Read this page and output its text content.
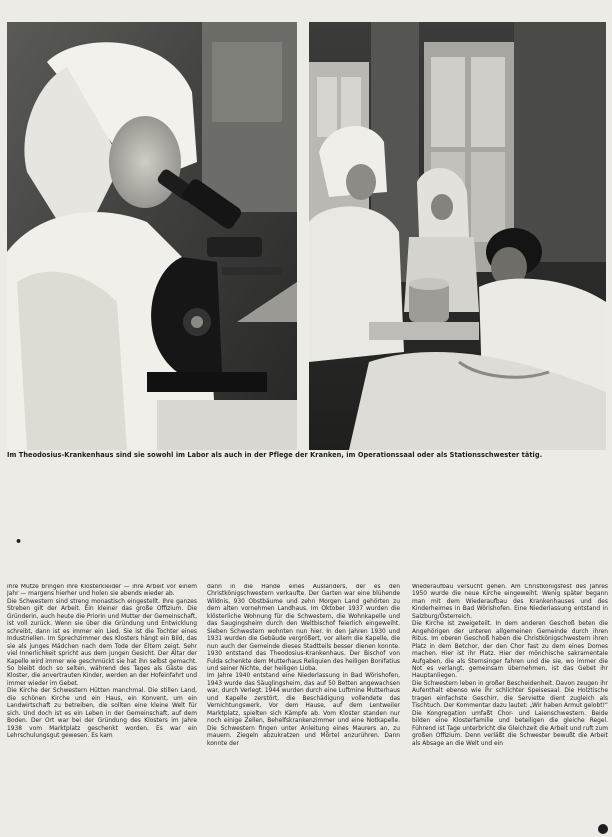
Im Theodosius-Krankenhaus sind sie sowohl im Labor als auch in der Pflege der Kranken, im Operationssaal oder als Stationsschwester tätig.
•

ihre Mütze bringen ihre Klosterkleider — ihre Arbeit vor einem Jahr — margens hierher und holen sie abends wieder ab.

Die Schwestern sind streng monastisch eingestellt. Ihre ganzes Streben gilt der Arbeit. Ein kleiner das große Offizium. Die Gründerin, auch heute die Priorin und Mutter der Gemeinschaft, ist voll zurück. Wenn sie über die Gründung und Entwicklung schreibt, dann ist es immer ein Lied. Sie ist die Tochter eines Industriellen. Im Sprechzimmer des Klosters hängt ein Bild, das sie als junges Mädchen nach dem Tode der Eltern zeigt. Sehr viel Innerlichkeit spricht aus dem jungen Gesicht. Der Altar der Kapelle wird immer wie geschmückt sie hat ihn selbst gemacht. So bleibt doch so selten, während des Tages als Gäste das Kloster, die anvertrauten Kinder, werden an der Hofeinfahrt und immer wieder im Gebet.

Die Kirche der Schwestern Hütten manchmal. Die stillen Land, die schönen Kirche und ein Haus, ein Konvent, um ein Landwirtschaft zu betreiben, die sollten eine kleine Welt für sich. Und doch ist es ein Leben in der Gemeinschaft, auf dem Boden. Der Ort war bei der Gründung des Klosters im Jahre 1938 vom Marktplatz geschenkt worden. Es war ein Lehrschulungsgut gewesen. Es kam

dann in die Hände eines Ausländers, der es den Christkönigschwestern verkaufte. Der Garten war eine blühende Wildnis, 930 Obstbäume und zehn Morgen Land gehörten zu dem alten vornehmen Landhaus. Im Oktober 1937 wurden die klösterliche Wohnung für die Schwestern, die Wohnkapelle und das Saugingsheim durch den Weltbischof feierlich eingeweiht. Sieben Schwestern wohnten nun hier. In den Jahren 1930 und 1931 wurden die Gebäude vergrößert, vor allem die Kapelle, die nun auch der Gemeinde dieses Stadtteils besser dienen konnte. 1930 entstand das Theodosius-Krankenhaus. Der Bischof von Fulda schenkte dem Mutterhaus Reliquien des heiligen Bonifatius und seiner Nichte, der heiligen Lioba.

Im Jahre 1940 entstand eine Niederlassung in Bad Wörishofen, 1943 wurde das Säuglingsheim, das auf 50 Betten angewachsen war, durch Verlegt. 1944 wurden durch eine Luftmine Mutterhaus und Kapelle zerstört, die Beschädigung vollendete das Vernichtungswerk. Vor dem Hause, auf dem Lentweiler Marktplatz, spielten sich Kämpfe ab. Vom Kloster standen nur noch einige Zellen, Behelfskrankenzimmer und eine Notkapelle. Die Schwestern fingen unter Anleitung eines Maurers an, zu mauern. Ziegeln abzukratzen und Mörtel anzurühren. Dann konnte der

Wiederaufbau versucht gehen. Am Christkönigsfest des Jahres 1950 wurde die neue Kirche eingeweiht. Wenig später begann man mit dem Wiederaufbau des Krankenhauses und des Kinderheimes in Bad Wörishofen. Eine Niederlassung entstand in Salzburg/Österreich.

Die Kirche ist zweigeteilt. In dem anderen Geschoß beten die Angehörigen der unteren allgemeinen Gemeinde durch ihren Ritus. Im oberen Geschoß haben die Christkönigschwestern ihren Platz in dem Betchor, der den Chor fast zu dem eines Domes machen. Hier ist ihr Platz. Hier der mönchische sakramentale Aufgaben, die als Sternsinger fahren und die sie, wo immer die Not es verlangt, gemeinsam übernehmen, ist das Gebet ihr Hauptanliegen.

Die Schwestern leben in großer Bescheidenheit. Davon zeugen ihr Aufenthalt ebenso wie ihr schlichter Speisesaal. Die Holztische tragen einfachste Geschirr, die Serviette dient zugleich als Tischtuch. Der Kommentar dazu lautet: „Wir haben Armut gelobt!“

Die Kongregation umfaßt Chor- und Laienschwestern. Beide bilden eine Klosterfamilie und beteiligen die gleiche Regel. Führend ist Tage unterbricht die Gleichzeit die Arbeit und ruft zum großen Offizium. Denn verläßt die Schwester bewußt die Arbeit als Absage an die Welt und ein
